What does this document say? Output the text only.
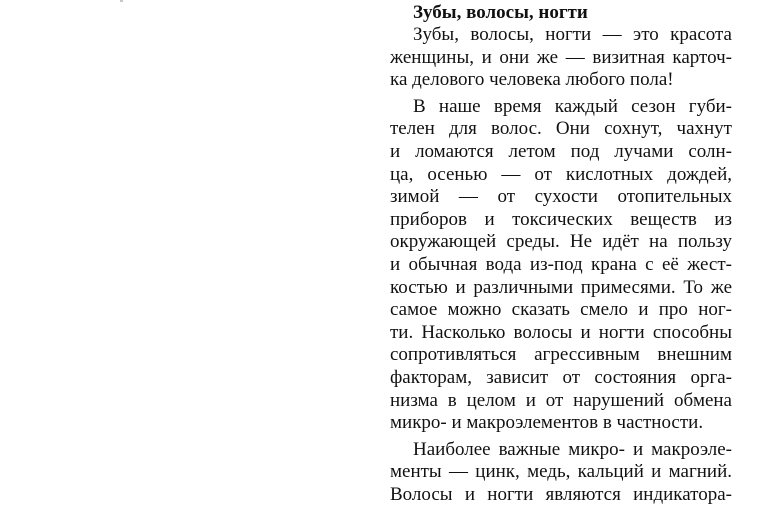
Зубы, волосы, ногти
Зубы, волосы, ногти — это красота
женщины, и они же — визитная карточ-
ка делового человека любого пола!
В наше время каждый сезон губи-
телен для волос. Они сохнут, чахнут
и ломаются летом под лучами солн-
ца, осенью — от кислотных дождей,
зимой — от сухости отопительных
приборов и токсических веществ из
окружающей среды. Не идёт на пользу
и обычная вода из-под крана с её жест-
костью и различными примесями. То же
самое можно сказать смело и про ног-
ти. Насколько волосы и ногти способны
сопротивляться агрессивным внешним
факторам, зависит от состояния орга-
низма в целом и от нарушений обмена
микро- и макроэлементов в частности.
Наиболее важные микро- и макроэле-
менты — цинк, медь, кальций и магний.
Волосы и ногти являются индикатора-
